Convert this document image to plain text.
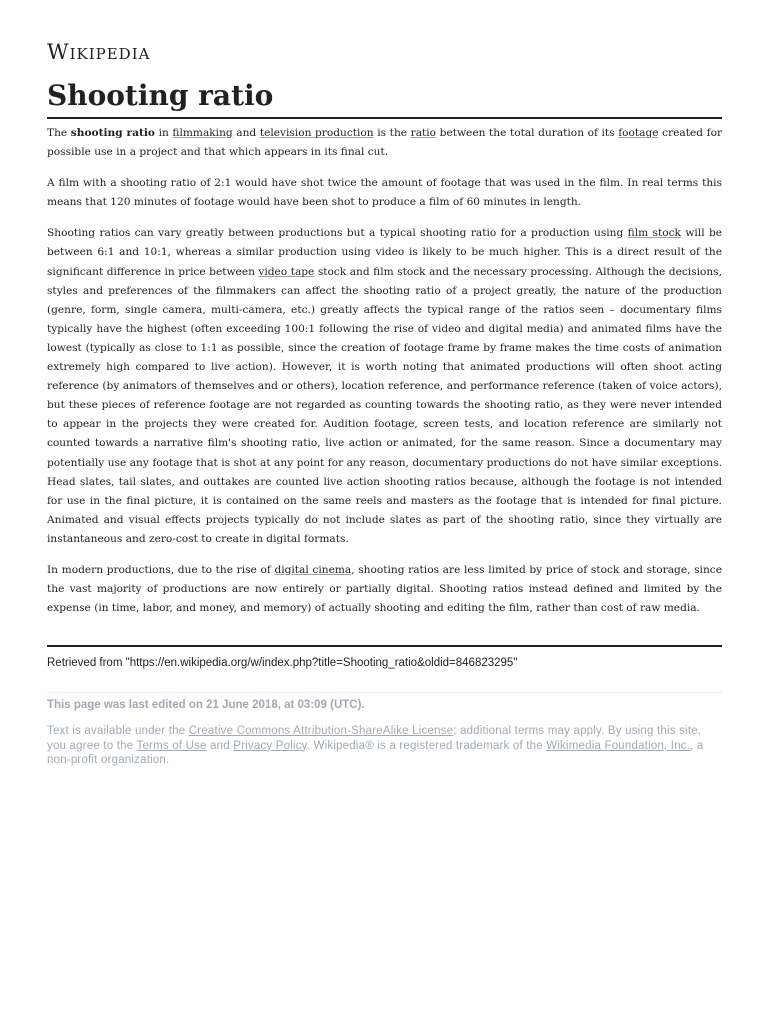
Wikipedia
Shooting ratio

The shooting ratio in filmmaking and television production is the ratio between the total duration of its footage created for possible use in a project and that which appears in its final cut.

A film with a shooting ratio of 2:1 would have shot twice the amount of footage that was used in the film. In real terms this means that 120 minutes of footage would have been shot to produce a film of 60 minutes in length.

Shooting ratios can vary greatly between productions but a typical shooting ratio for a production using film stock will be between 6:1 and 10:1, whereas a similar production using video is likely to be much higher. This is a direct result of the significant difference in price between video tape stock and film stock and the necessary processing. Although the decisions, styles and preferences of the filmmakers can affect the shooting ratio of a project greatly, the nature of the production (genre, form, single camera, multi-camera, etc.) greatly affects the typical range of the ratios seen – documentary films typically have the highest (often exceeding 100:1 following the rise of video and digital media) and animated films have the lowest (typically as close to 1:1 as possible, since the creation of footage frame by frame makes the time costs of animation extremely high compared to live action). However, it is worth noting that animated productions will often shoot acting reference (by animators of themselves and or others), location reference, and performance reference (taken of voice actors), but these pieces of reference footage are not regarded as counting towards the shooting ratio, as they were never intended to appear in the projects they were created for. Audition footage, screen tests, and location reference are similarly not counted towards a narrative film's shooting ratio, live action or animated, for the same reason. Since a documentary may potentially use any footage that is shot at any point for any reason, documentary productions do not have similar exceptions. Head slates, tail slates, and outtakes are counted live action shooting ratios because, although the footage is not intended for use in the final picture, it is contained on the same reels and masters as the footage that is intended for final picture. Animated and visual effects projects typically do not include slates as part of the shooting ratio, since they virtually are instantaneous and zero-cost to create in digital formats.

In modern productions, due to the rise of digital cinema, shooting ratios are less limited by price of stock and storage, since the vast majority of productions are now entirely or partially digital. Shooting ratios instead defined and limited by the expense (in time, labor, and money, and memory) of actually shooting and editing the film, rather than cost of raw media.

Retrieved from "https://en.wikipedia.org/w/index.php?title=Shooting_ratio&oldid=846823295"
This page was last edited on 21 June 2018, at 03:09 (UTC).
Text is available under the Creative Commons Attribution-ShareAlike License; additional terms may apply. By using this site, you agree to the Terms of Use and Privacy Policy. Wikipedia® is a registered trademark of the Wikimedia Foundation, Inc., a non-profit organization.
